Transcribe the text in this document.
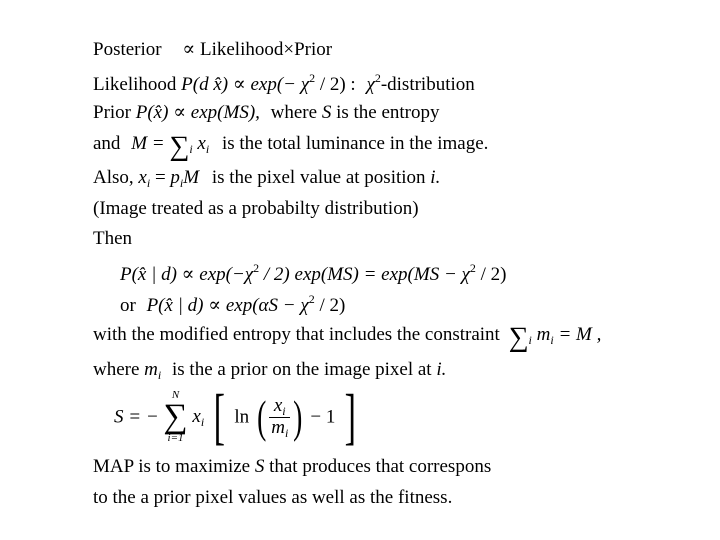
Posterior ∝ Likelihood×Prior
Likelihood P(d x̂) ∝ $\exp(- \chi^2 / 2)$ : $\chi^2$-distribution
Prior P(x̂) ∝ exp(MS), where S is the entropy
and $M = \sum_i$ $x_i$ is the total luminance in the image.
Also, $x_i = p_iM$ is the pixel value at position i.
(Image treated as a probabilty distribution)
Then
P(x̂ | $d) \propto \exp(-\chi^2 / 2) \exp(MS) = \exp(MS - \chi^2 / 2)$
or P(x̂ | $d) \propto \exp(\alpha S - \chi^2 / 2)$
with the modified entropy that includes the constraint $\sum_i$ $m_i = M$ ,
where $m_i$ is the a prior on the image pixel at i.
S = −
N
∑
i=1
$x_i$ [ ln ( $\frac{x_i}{m_i}$ ) − 1 ]
MAP is to maximize S that produces that correspons
to the a prior pixel values as well as the fitness.
